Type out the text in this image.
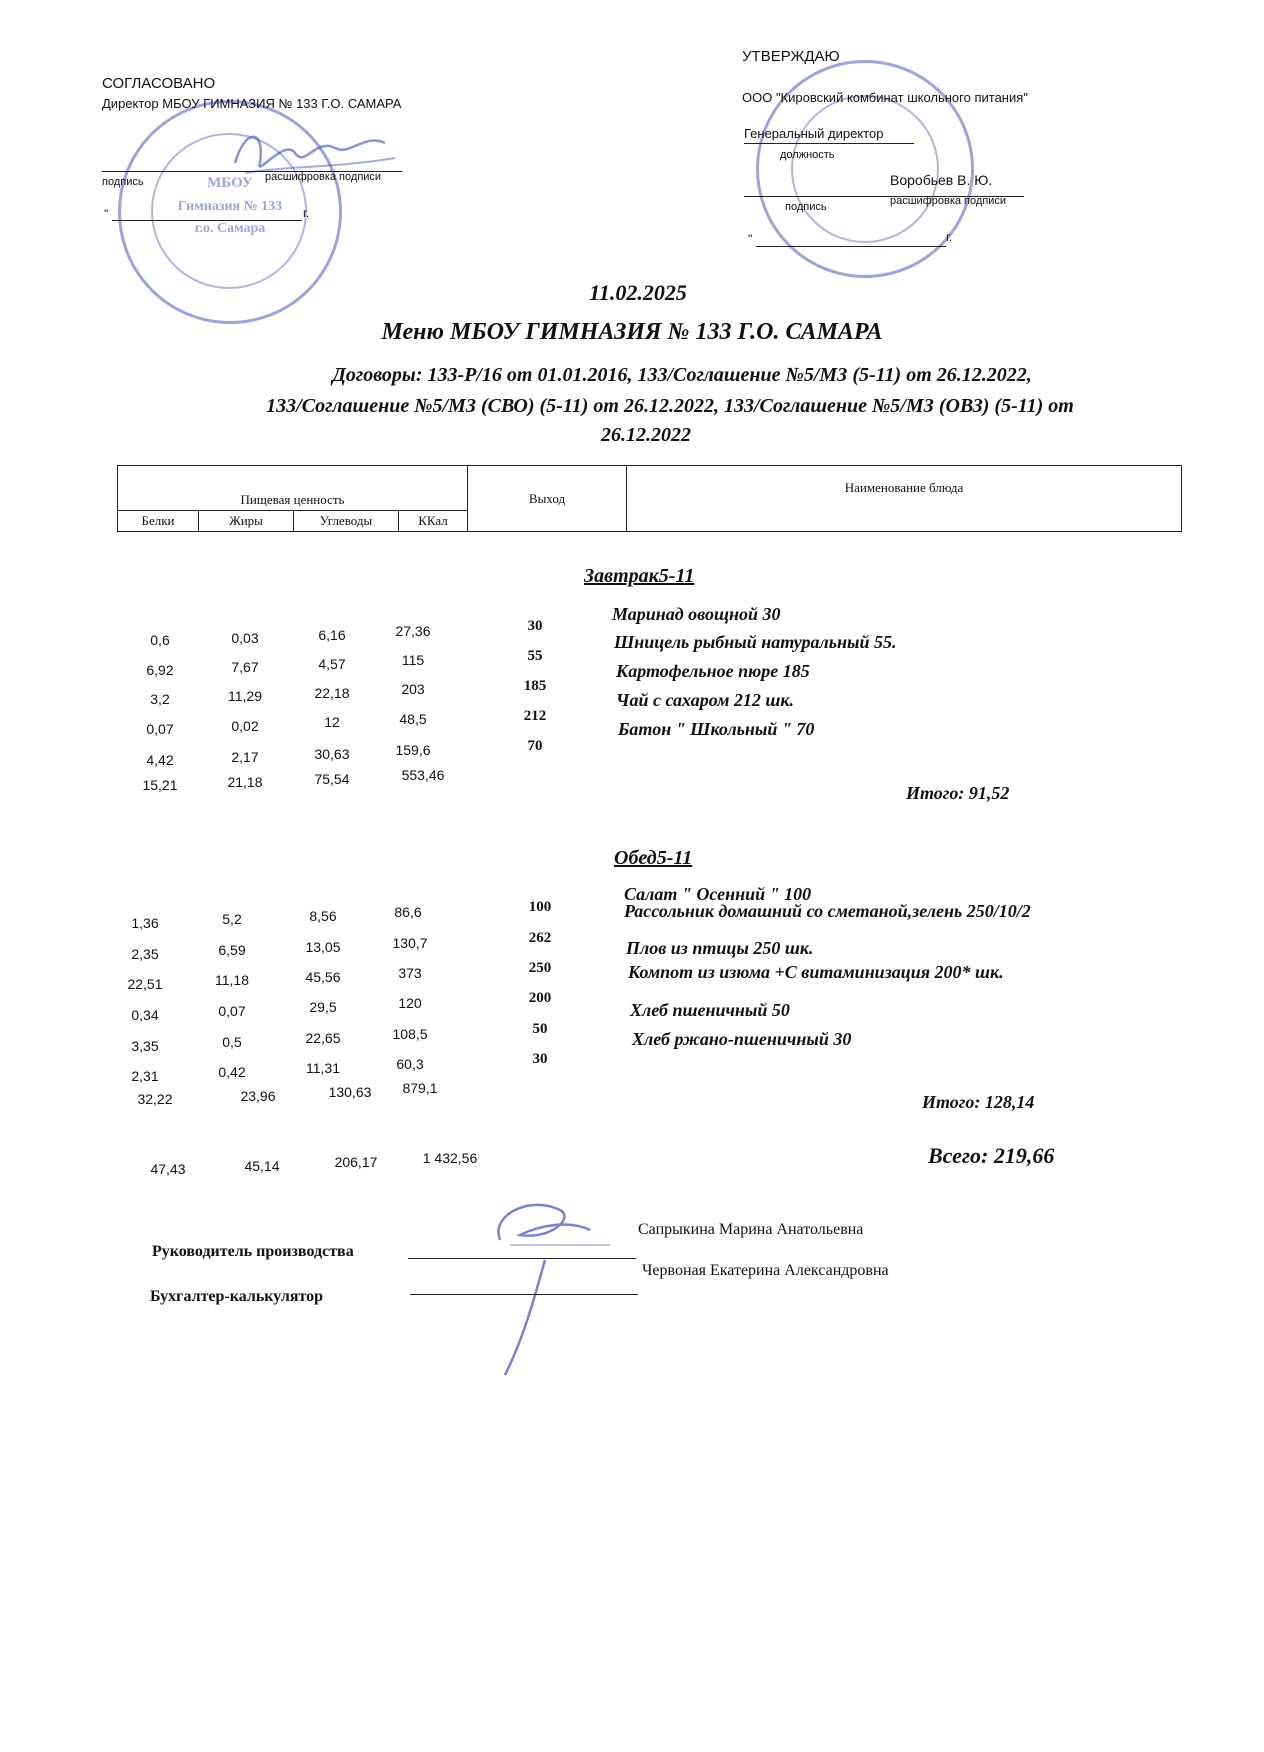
МБОУ
Гимназия № 133
г.о. Самара
СОГЛАСОВАНО
Директор МБОУ ГИМНАЗИЯ № 133 Г.О. САМАРА
подпись	расшифровка подписи
"	г.
УТВЕРЖДАЮ
ООО "Кировский комбинат школьного питания"
Генеральный директор
должность
Воробьев В. Ю.
подпись	расшифровка подписи
"	г.
11.02.2025
Меню МБОУ ГИМНАЗИЯ № 133 Г.О. САМАРА
Договоры: 133-Р/16 от 01.01.2016, 133/Соглашение №5/МЗ (5-11) от 26.12.2022,
133/Соглашение №5/МЗ (СВО) (5-11) от 26.12.2022, 133/Соглашение №5/МЗ (ОВЗ) (5-11) от
26.12.2022
Пищевая ценность				Выход	Наименование блюда
Белки	Жиры	Углеводы	ККал		
Завтрак5-11
0,6	0,03	6,16	27,36	30
Маринад овощной 30
6,92	7,67	4,57	115	55
Шницель рыбный натуральный 55.
3,2	11,29	22,18	203	185
Картофельное пюре 185
0,07	0,02	12	48,5	212
Чай с сахаром 212 шк.
4,42	2,17	30,63	159,6	70
Батон " Школьный " 70
15,21	21,18	75,54	553,46
Итого: 91,52
Обед5-11
1,36	5,2	8,56	86,6	100
Салат " Осенний " 100
2,35	6,59	13,05	130,7	262
Рассольник домашний со сметаной,зелень 250/10/2
22,51	11,18	45,56	373	250
Плов из птицы 250 шк.
0,34	0,07	29,5	120	200
Компот из изюма +С витаминизация 200* шк.
3,35	0,5	22,65	108,5	50
Хлеб пшеничный 50
2,31	0,42	11,31	60,3	30
Хлеб ржано-пшеничный 30
32,22	23,96	130,63	879,1
Итого: 128,14
47,43	45,14	206,17	1 432,56	Всего: 219,66
Руководитель производства
Сапрыкина Марина Анатольевна
Бухгалтер-калькулятор
Червоная Екатерина Александровна
